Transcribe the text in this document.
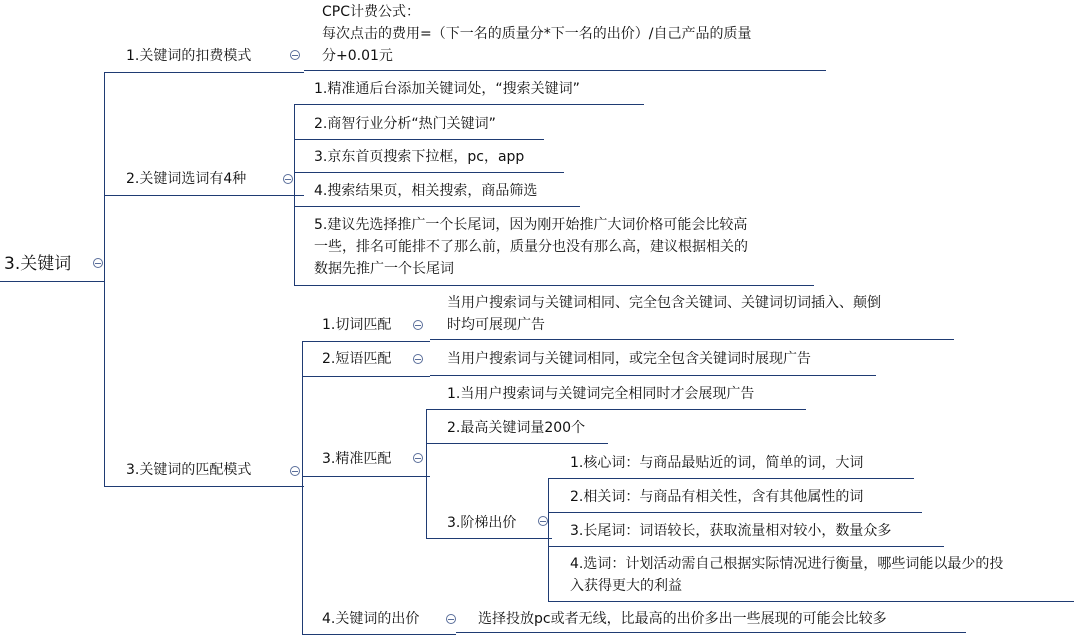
3.关键词
1.关键词的扣费模式
CPC计费公式：
每次点击的费用=（下一名的质量分*下一名的出价）/自己产品的质量
分+0.01元
2.关键词选词有4种
1.精准通后台添加关键词处，“搜索关键词”
2.商智行业分析“热门关键词”
3.京东首页搜索下拉框，pc，app
4.搜索结果页，相关搜索，商品筛选
5.建议先选择推广一个长尾词，因为刚开始推广大词价格可能会比较高
一些，排名可能排不了那么前，质量分也没有那么高，建议根据相关的
数据先推广一个长尾词
3.关键词的匹配模式
1.切词匹配
当用户搜索词与关键词相同、完全包含关键词、关键词切词插入、颠倒
时均可展现广告
2.短语匹配	当用户搜索词与关键词相同，或完全包含关键词时展现广告
3.精准匹配
1.当用户搜索词与关键词完全相同时才会展现广告
2.最高关键词量200个
3.阶梯出价
1.核心词：与商品最贴近的词，简单的词，大词
2.相关词：与商品有相关性，含有其他属性的词
3.长尾词：词语较长，获取流量相对较小，数量众多
4.选词：计划活动需自己根据实际情况进行衡量，哪些词能以最少的投
入获得更大的利益
4.关键词的出价	选择投放pc或者无线，比最高的出价多出一些展现的可能会比较多
